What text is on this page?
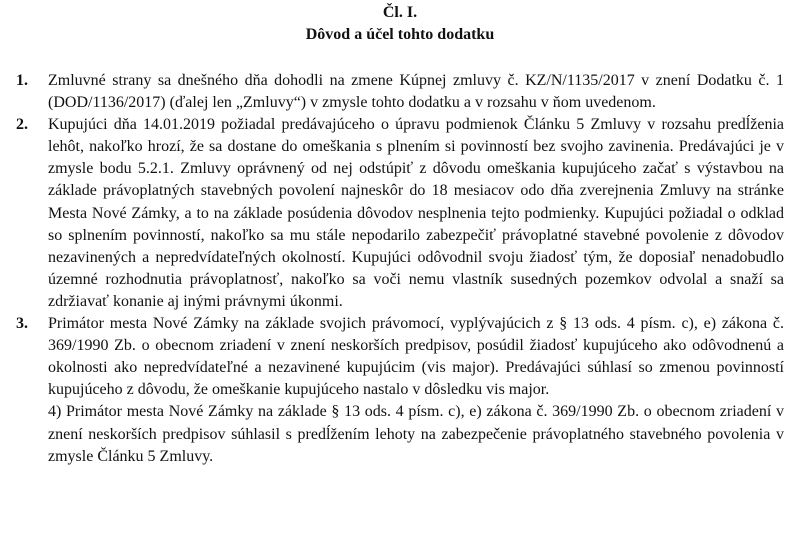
Čl. I.
Dôvod a účel tohto dodatku
1.	Zmluvné strany sa dnešného dňa dohodli na zmene Kúpnej zmluvy č. KZ/N/1135/2017 v znení Dodatku č. 1 (DOD/1136/2017) (ďalej len „Zmluvy“) v zmysle tohto dodatku a v rozsahu v ňom uvedenom.

2.	Kupujúci dňa 14.01.2019 požiadal predávajúceho o úpravu podmienok Článku 5 Zmluvy v rozsahu predĺženia lehôt, nakoľko hrozí, že sa dostane do omeškania s plnením si povinností bez svojho zavinenia. Predávajúci je v zmysle bodu 5.2.1. Zmluvy oprávnený od nej odstúpiť z dôvodu omeškania kupujúceho začať s výstavbou na základe právoplatných stavebných povolení najneskôr do 18 mesiacov odo dňa zverejnenia Zmluvy na stránke Mesta Nové Zámky, a to na základe posúdenia dôvodov nesplnenia tejto podmienky. Kupujúci požiadal o odklad so splnením povinností, nakoľko sa mu stále nepodarilo zabezpečiť právoplatné stavebné povolenie z dôvodov nezavinených a nepredvídateľných okolností. Kupujúci odôvodnil svoju žiadosť tým, že doposiaľ nenadobudlo územné rozhodnutia právoplatnosť, nakoľko sa voči nemu vlastník susedných pozemkov odvolal a snaží sa zdržiavať konanie aj inými právnymi úkonmi.

3.	Primátor mesta Nové Zámky na základe svojich právomocí, vyplývajúcich z § 13 ods. 4 písm. c), e) zákona č. 369/1990 Zb. o obecnom zriadení v znení neskorších predpisov, posúdil žiadosť kupujúceho ako odôvodnenú a okolnosti ako nepredvídateľné a nezavinené kupujúcim (vis major). Predávajúci súhlasí so zmenou povinností kupujúceho z dôvodu, že omeškanie kupujúceho nastalo v dôsledku vis major.

4) Primátor mesta Nové Zámky na základe § 13 ods. 4 písm. c), e) zákona č. 369/1990 Zb. o obecnom zriadení v znení neskorších predpisov súhlasil s predĺžením lehoty na zabezpečenie právoplatného stavebného povolenia v zmysle Článku 5 Zmluvy.
